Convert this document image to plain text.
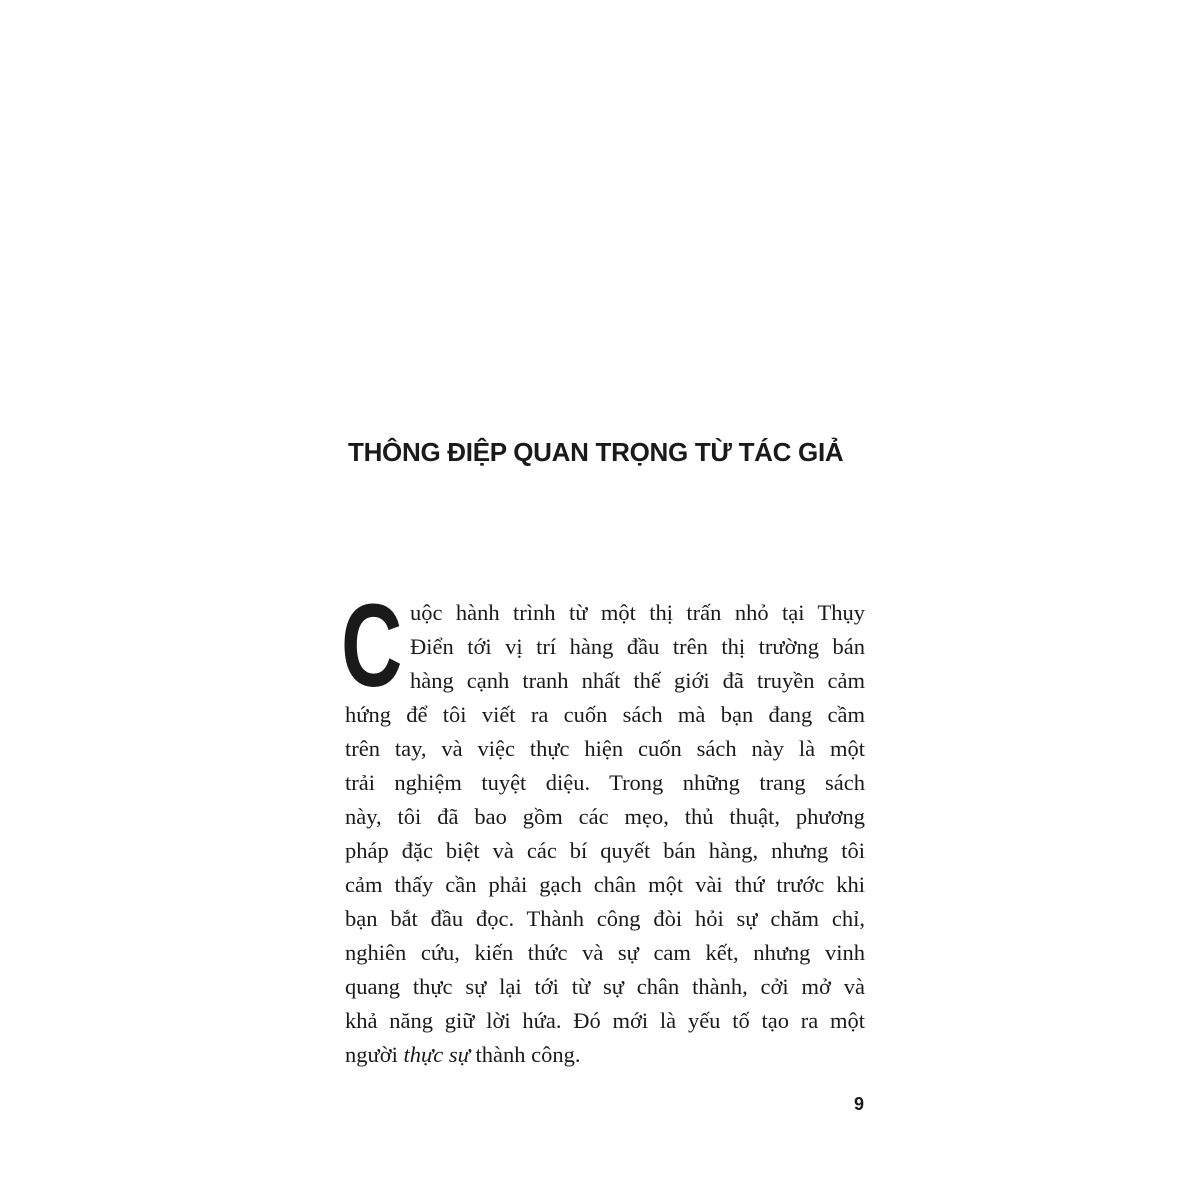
THÔNG ĐIỆP QUAN TRỌNG TỪ TÁC GIẢ
C uộc hành trình từ một thị trấn nhỏ tại Thụy
Điển tới vị trí hàng đầu trên thị trường bán
hàng cạnh tranh nhất thế giới đã truyền cảm
hứng để tôi viết ra cuốn sách mà bạn đang cầm
trên tay, và việc thực hiện cuốn sách này là một
trải nghiệm tuyệt diệu. Trong những trang sách
này, tôi đã bao gồm các mẹo, thủ thuật, phương
pháp đặc biệt và các bí quyết bán hàng, nhưng tôi
cảm thấy cần phải gạch chân một vài thứ trước khi
bạn bắt đầu đọc. Thành công đòi hỏi sự chăm chỉ,
nghiên cứu, kiến thức và sự cam kết, nhưng vinh
quang thực sự lại tới từ sự chân thành, cởi mở và
khả năng giữ lời hứa. Đó mới là yếu tố tạo ra một
người thực sự thành công.
9
